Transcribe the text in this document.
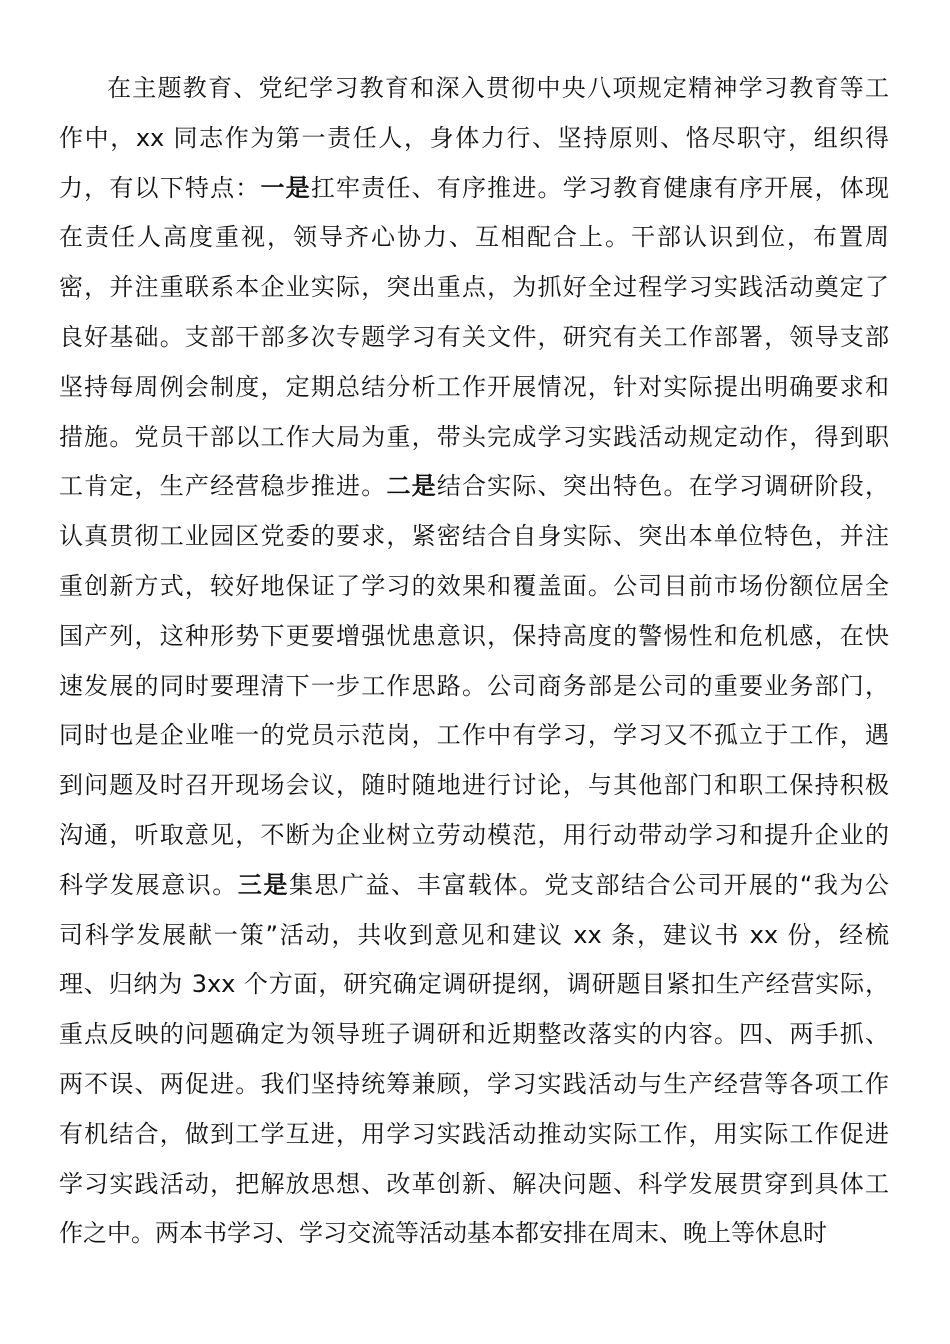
在主题教育、党纪学习教育和深入贯彻中央八项规定精神学习教育等工
作中，xx 同志作为第一责任人，身体力行、坚持原则、恪尽职守，组织得
力，有以下特点：一是扛牢责任、有序推进。学习教育健康有序开展，体现
在责任人高度重视，领导齐心协力、互相配合上。干部认识到位，布置周
密，并注重联系本企业实际，突出重点，为抓好全过程学习实践活动奠定了
良好基础。支部干部多次专题学习有关文件，研究有关工作部署，领导支部
坚持每周例会制度，定期总结分析工作开展情况，针对实际提出明确要求和
措施。党员干部以工作大局为重，带头完成学习实践活动规定动作，得到职
工肯定，生产经营稳步推进。二是结合实际、突出特色。在学习调研阶段，
认真贯彻工业园区党委的要求，紧密结合自身实际、突出本单位特色，并注
重创新方式，较好地保证了学习的效果和覆盖面。公司目前市场份额位居全
国产列，这种形势下更要增强忧患意识，保持高度的警惕性和危机感，在快
速发展的同时要理清下一步工作思路。公司商务部是公司的重要业务部门，
同时也是企业唯一的党员示范岗，工作中有学习，学习又不孤立于工作，遇
到问题及时召开现场会议，随时随地进行讨论，与其他部门和职工保持积极
沟通，听取意见，不断为企业树立劳动模范，用行动带动学习和提升企业的
科学发展意识。三是集思广益、丰富载体。党支部结合公司开展的“我为公
司科学发展献一策”活动，共收到意见和建议 xx 条，建议书 xx 份，经梳
理、归纳为 3xx 个方面，研究确定调研提纲，调研题目紧扣生产经营实际，
重点反映的问题确定为领导班子调研和近期整改落实的内容。四、两手抓、
两不误、两促进。我们坚持统筹兼顾，学习实践活动与生产经营等各项工作
有机结合，做到工学互进，用学习实践活动推动实际工作，用实际工作促进
学习实践活动，把解放思想、改革创新、解决问题、科学发展贯穿到具体工
作之中。两本书学习、学习交流等活动基本都安排在周末、晚上等休息时
